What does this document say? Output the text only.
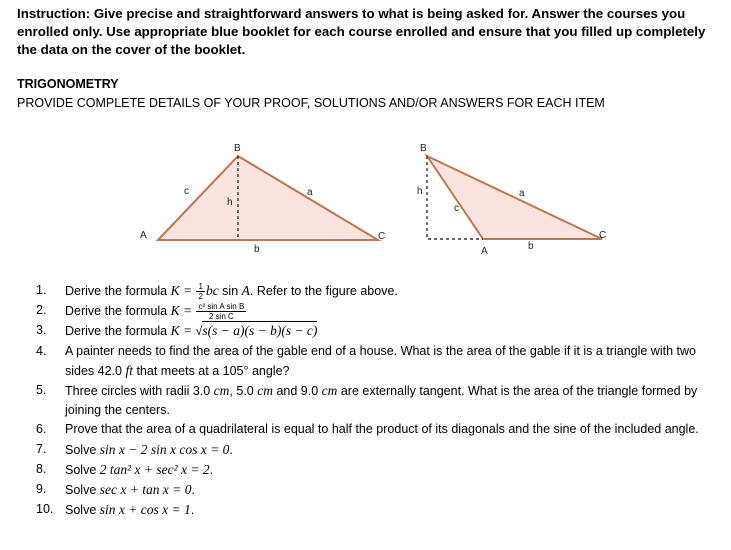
Instruction: Give precise and straightforward answers to what is being asked for. Answer the courses you enrolled only. Use appropriate blue booklet for each course enrolled and ensure that you filled up completely the data on the cover of the booklet.

TRIGONOMETRY

PROVIDE COMPLETE DETAILS OF YOUR PROOF, SOLUTIONS AND/OR ANSWERS FOR EACH ITEM

B
A	C
c	a
b
h
B
A
C
c
a
b
h
1.	Derive the formula $K = \frac{1}{2}$ bc sin A. Refer to the figure above.
2.	Derive the formula $K = \frac{\text{c² sin A sin B}}{\text{2 sin C}}$
3.	Derive the formula K = √s(s − a)(s − b)(s − c)
4.	A painter needs to find the area of the gable end of a house. What is the area of the gable if it is a triangle with two sides 42.0 ft that meets at a 105° angle?
5.	Three circles with radii 3.0 cm, 5.0 cm and 9.0 cm are externally tangent. What is the area of the triangle formed by joining the centers.
6.	Prove that the area of a quadrilateral is equal to half the product of its diagonals and the sine of the included angle.
7.	Solve sin x − 2 sin x cos x = 0.
8.	Solve 2 tan² x + sec² x = 2.
9.	Solve sec x + tan x = 0.
10. Solve sin x + cos x = 1.
